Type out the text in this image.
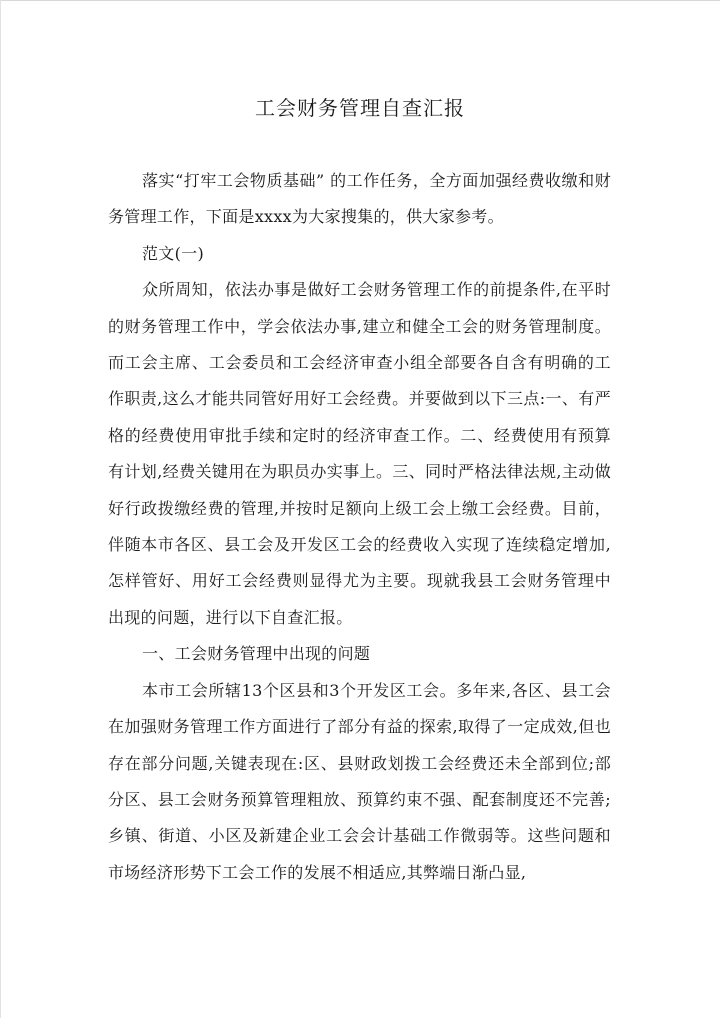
工会财务管理自查汇报

落实“打牢工会物质基础” 的工作任务，全方面加强经费收缴和财务管理工作，下面是xxxx为大家搜集的，供大家参考。

范文(一)

众所周知，依法办事是做好工会财务管理工作的前提条件,在平时的财务管理工作中，学会依法办事,建立和健全工会的财务管理制度。而工会主席、工会委员和工会经济审查小组全部要各自含有明确的工作职责,这么才能共同管好用好工会经费。并要做到以下三点:一、有严格的经费使用审批手续和定时的经济审查工作。二、经费使用有预算有计划,经费关键用在为职员办实事上。三、同时严格法律法规,主动做好行政拨缴经费的管理,并按时足额向上级工会上缴工会经费。目前，伴随本市各区、县工会及开发区工会的经费收入实现了连续稳定增加,怎样管好、用好工会经费则显得尤为主要。现就我县工会财务管理中出现的问题，进行以下自查汇报。

一、工会财务管理中出现的问题

本市工会所辖13个区县和3个开发区工会。多年来,各区、县工会在加强财务管理工作方面进行了部分有益的探索,取得了一定成效,但也存在部分问题,关键表现在:区、县财政划拨工会经费还未全部到位;部分区、县工会财务预算管理粗放、预算约束不强、配套制度还不完善;乡镇、街道、小区及新建企业工会会计基础工作微弱等。这些问题和市场经济形势下工会工作的发展不相适应,其弊端日渐凸显,
